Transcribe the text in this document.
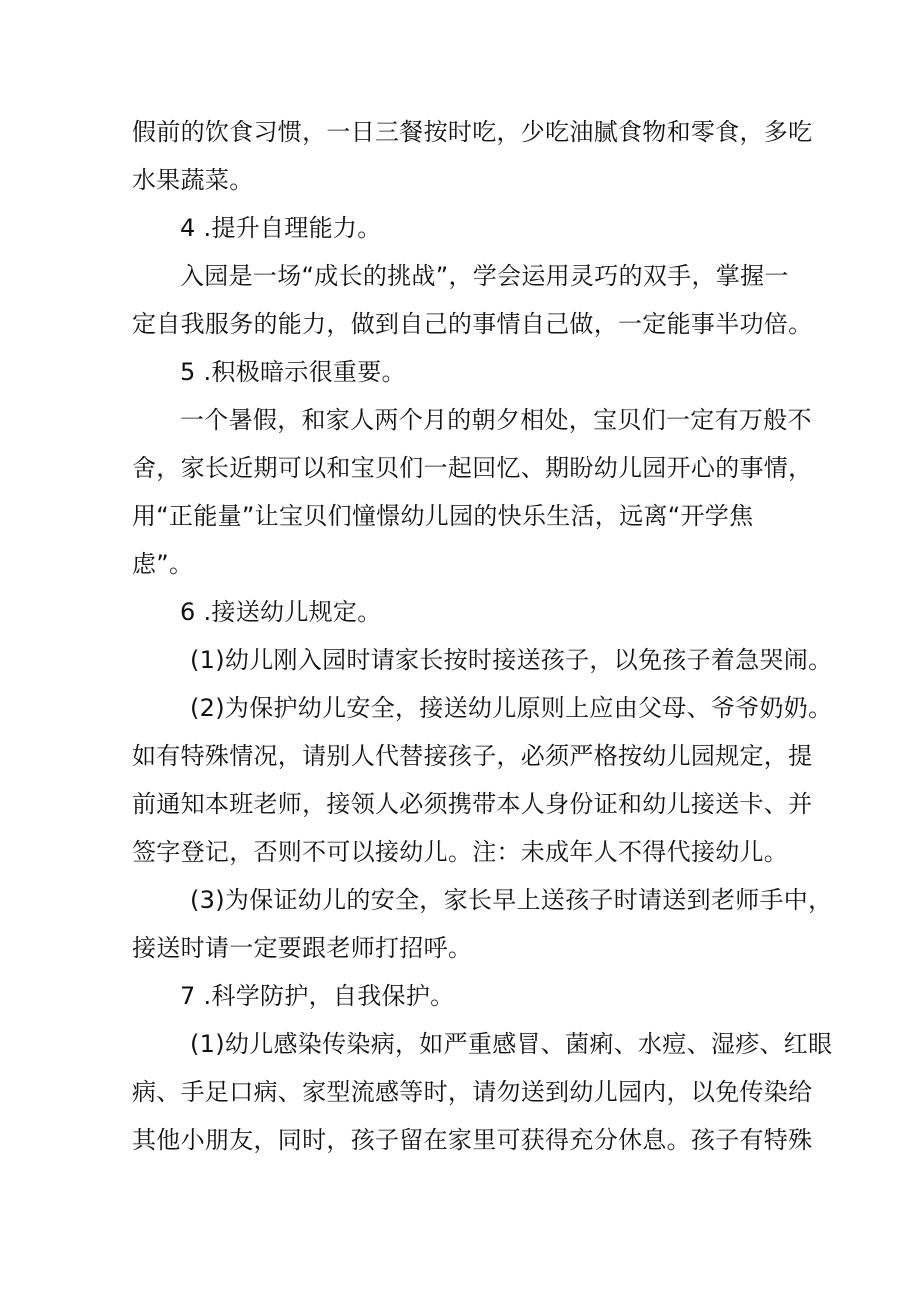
假前的饮食习惯，一日三餐按时吃，少吃油腻食物和零食，多吃
水果蔬菜。
4 .提升自理能力。
入园是一场“成长的挑战”，学会运用灵巧的双手，掌握一
定自我服务的能力，做到自己的事情自己做，一定能事半功倍。
5 .积极暗示很重要。
一个暑假，和家人两个月的朝夕相处，宝贝们一定有万般不
舍，家长近期可以和宝贝们一起回忆、期盼幼儿园开心的事情，
用“正能量”让宝贝们憧憬幼儿园的快乐生活，远离“开学焦
虑”。
6 .接送幼儿规定。
(1)幼儿刚入园时请家长按时接送孩子，以免孩子着急哭闹。
(2)为保护幼儿安全，接送幼儿原则上应由父母、爷爷奶奶。
如有特殊情况，请别人代替接孩子，必须严格按幼儿园规定，提
前通知本班老师，接领人必须携带本人身份证和幼儿接送卡、并
签字登记，否则不可以接幼儿。注：未成年人不得代接幼儿。
(3)为保证幼儿的安全，家长早上送孩子时请送到老师手中，
接送时请一定要跟老师打招呼。
7 .科学防护，自我保护。
(1)幼儿感染传染病，如严重感冒、菌痢、水痘、湿疹、红眼
病、手足口病、家型流感等时，请勿送到幼儿园内，以免传染给
其他小朋友，同时，孩子留在家里可获得充分休息。孩子有特殊
